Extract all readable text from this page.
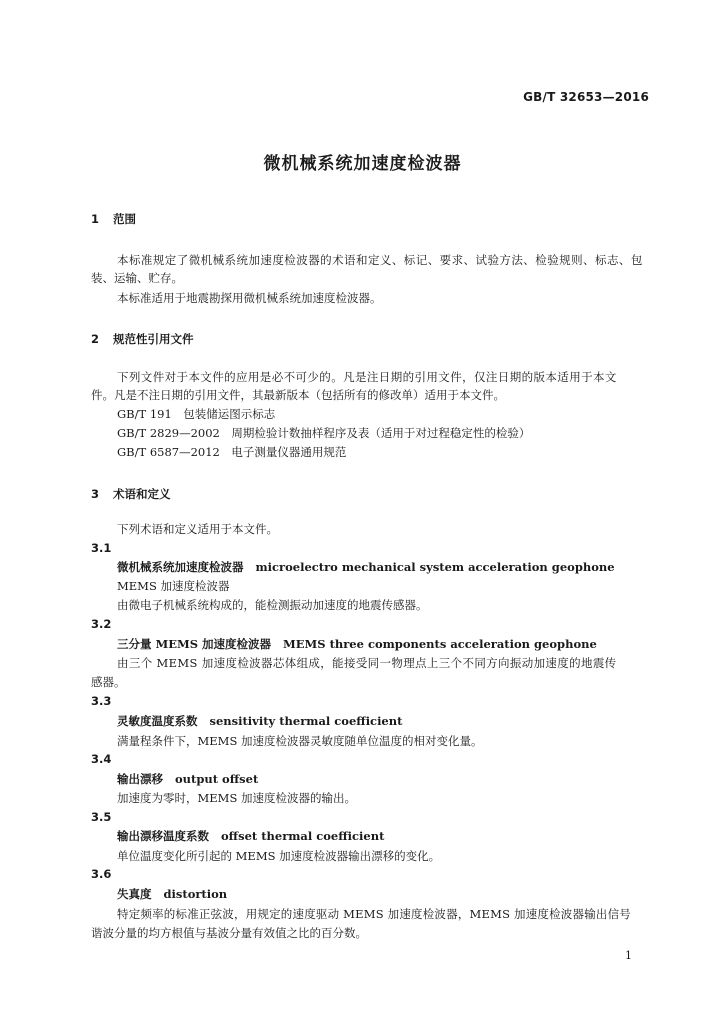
GB/T 32653—2016
微机械系统加速度检波器
1 范围
本标准规定了微机械系统加速度检波器的术语和定义、标记、要求、试验方法、检验规则、标志、包
装、运输、贮存。
本标准适用于地震勘探用微机械系统加速度检波器。
2 规范性引用文件
下列文件对于本文件的应用是必不可少的。凡是注日期的引用文件，仅注日期的版本适用于本文
件。凡是不注日期的引用文件，其最新版本（包括所有的修改单）适用于本文件。
GB/T 191　包装储运图示标志
GB/T 2829—2002　周期检验计数抽样程序及表（适用于对过程稳定性的检验）
GB/T 6587—2012　电子测量仪器通用规范
3 术语和定义
下列术语和定义适用于本文件。
3.1
微机械系统加速度检波器 microelectro mechanical system acceleration geophone
MEMS 加速度检波器
由微电子机械系统构成的，能检测振动加速度的地震传感器。
3.2
三分量 MEMS 加速度检波器 MEMS three components acceleration geophone
由三个 MEMS 加速度检波器芯体组成，能接受同一物理点上三个不同方向振动加速度的地震传
感器。
3.3
灵敏度温度系数 sensitivity thermal coefficient
满量程条件下，MEMS 加速度检波器灵敏度随单位温度的相对变化量。
3.4
输出漂移 output offset
加速度为零时，MEMS 加速度检波器的输出。
3.5
输出漂移温度系数 offset thermal coefficient
单位温度变化所引起的 MEMS 加速度检波器输出漂移的变化。
3.6
失真度 distortion
特定频率的标准正弦波，用规定的速度驱动 MEMS 加速度检波器，MEMS 加速度检波器输出信号
谐波分量的均方根值与基波分量有效值之比的百分数。
1
